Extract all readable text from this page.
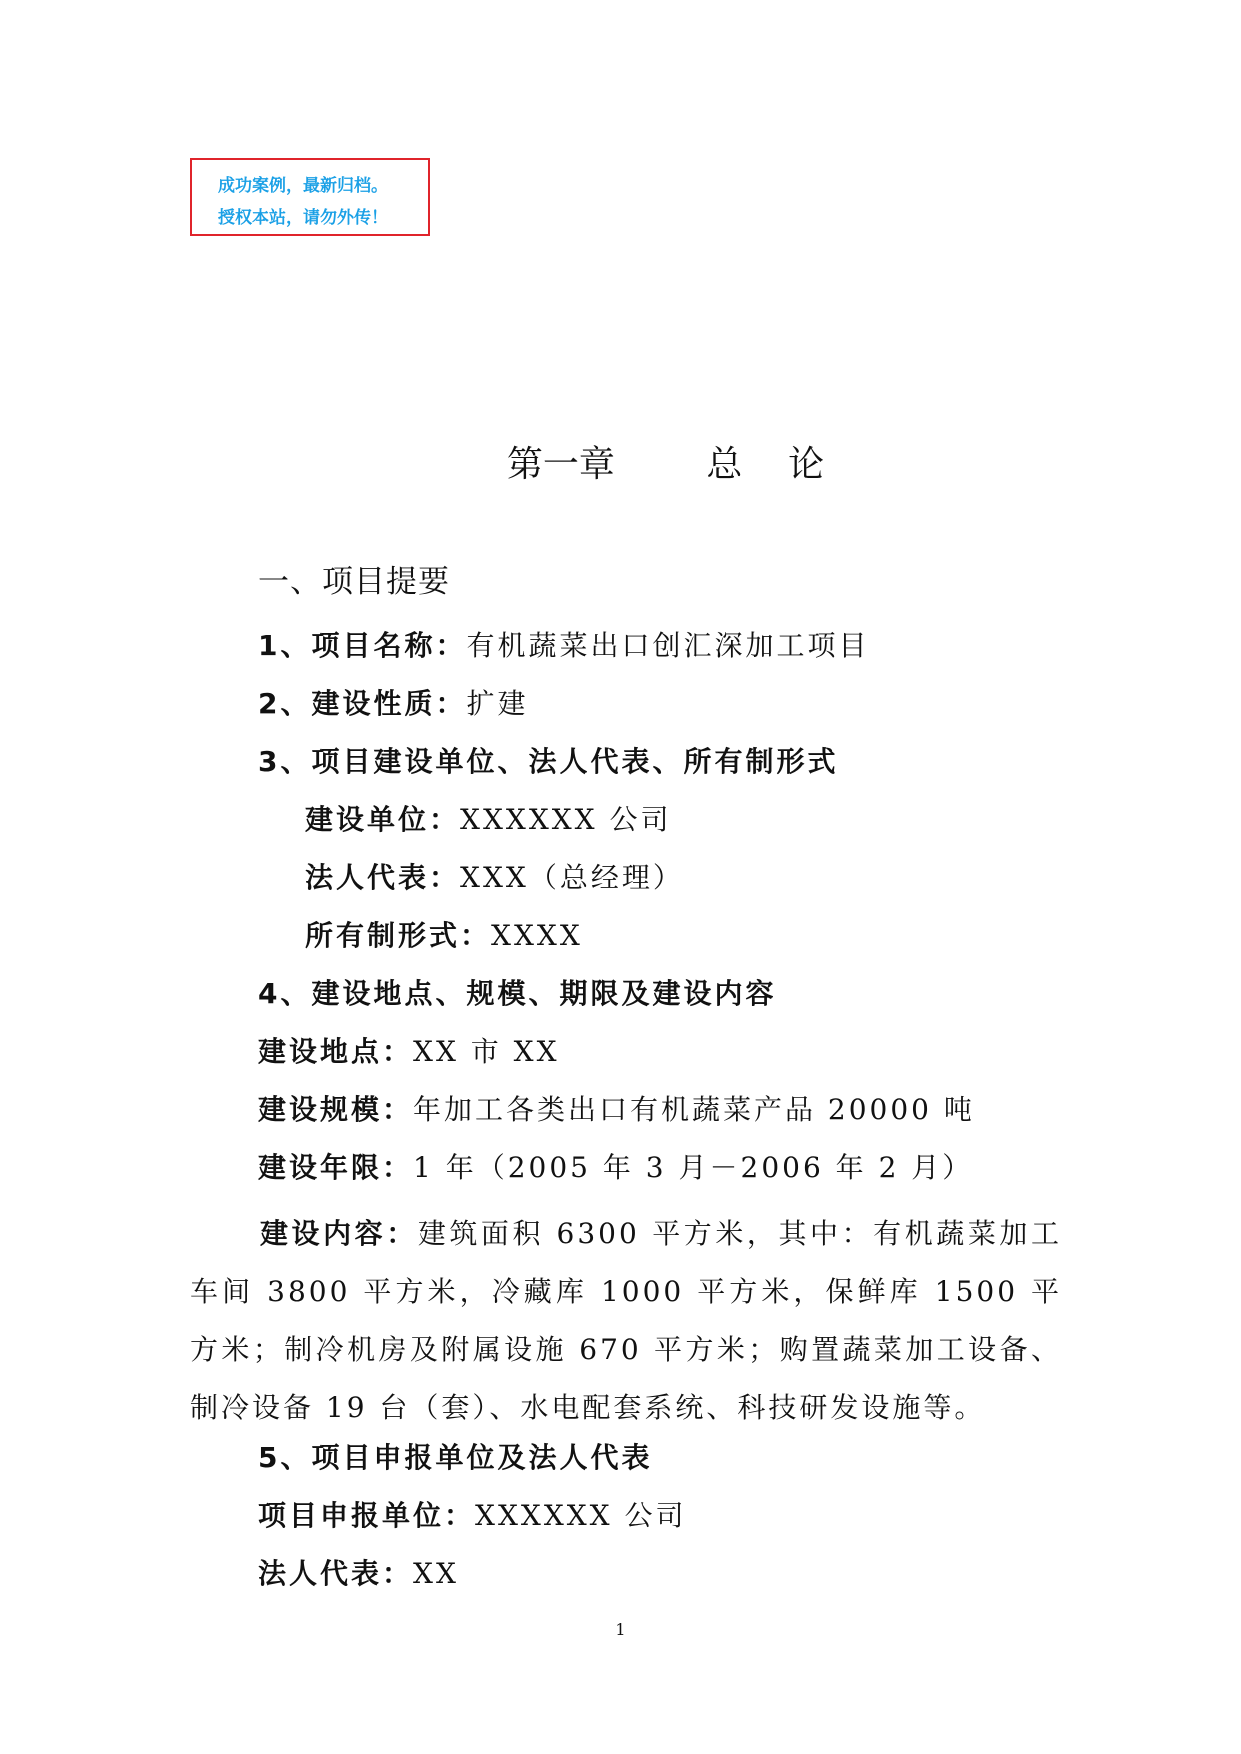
成功案例，最新归档。
授权本站，请勿外传！
第一章        总    论
一、项目提要
1、项目名称：有机蔬菜出口创汇深加工项目
2、建设性质：扩建
3、项目建设单位、法人代表、所有制形式
建设单位：XXXXXX 公司
法人代表：XXX（总经理）
所有制形式：XXXX
4、建设地点、规模、期限及建设内容
建设地点：XX 市 XX
建设规模：年加工各类出口有机蔬菜产品 20000 吨
建设年限：1 年（2005 年 3 月－2006 年 2 月）
建设内容：建筑面积 6300 平方米，其中：有机蔬菜加工车间 3800 平方米，冷藏库 1000 平方米，保鲜库 1500 平方米；制冷机房及附属设施 670 平方米；购置蔬菜加工设备、制冷设备 19 台（套）、水电配套系统、科技研发设施等。
5、项目申报单位及法人代表
项目申报单位：XXXXXX 公司
法人代表：XX
1
